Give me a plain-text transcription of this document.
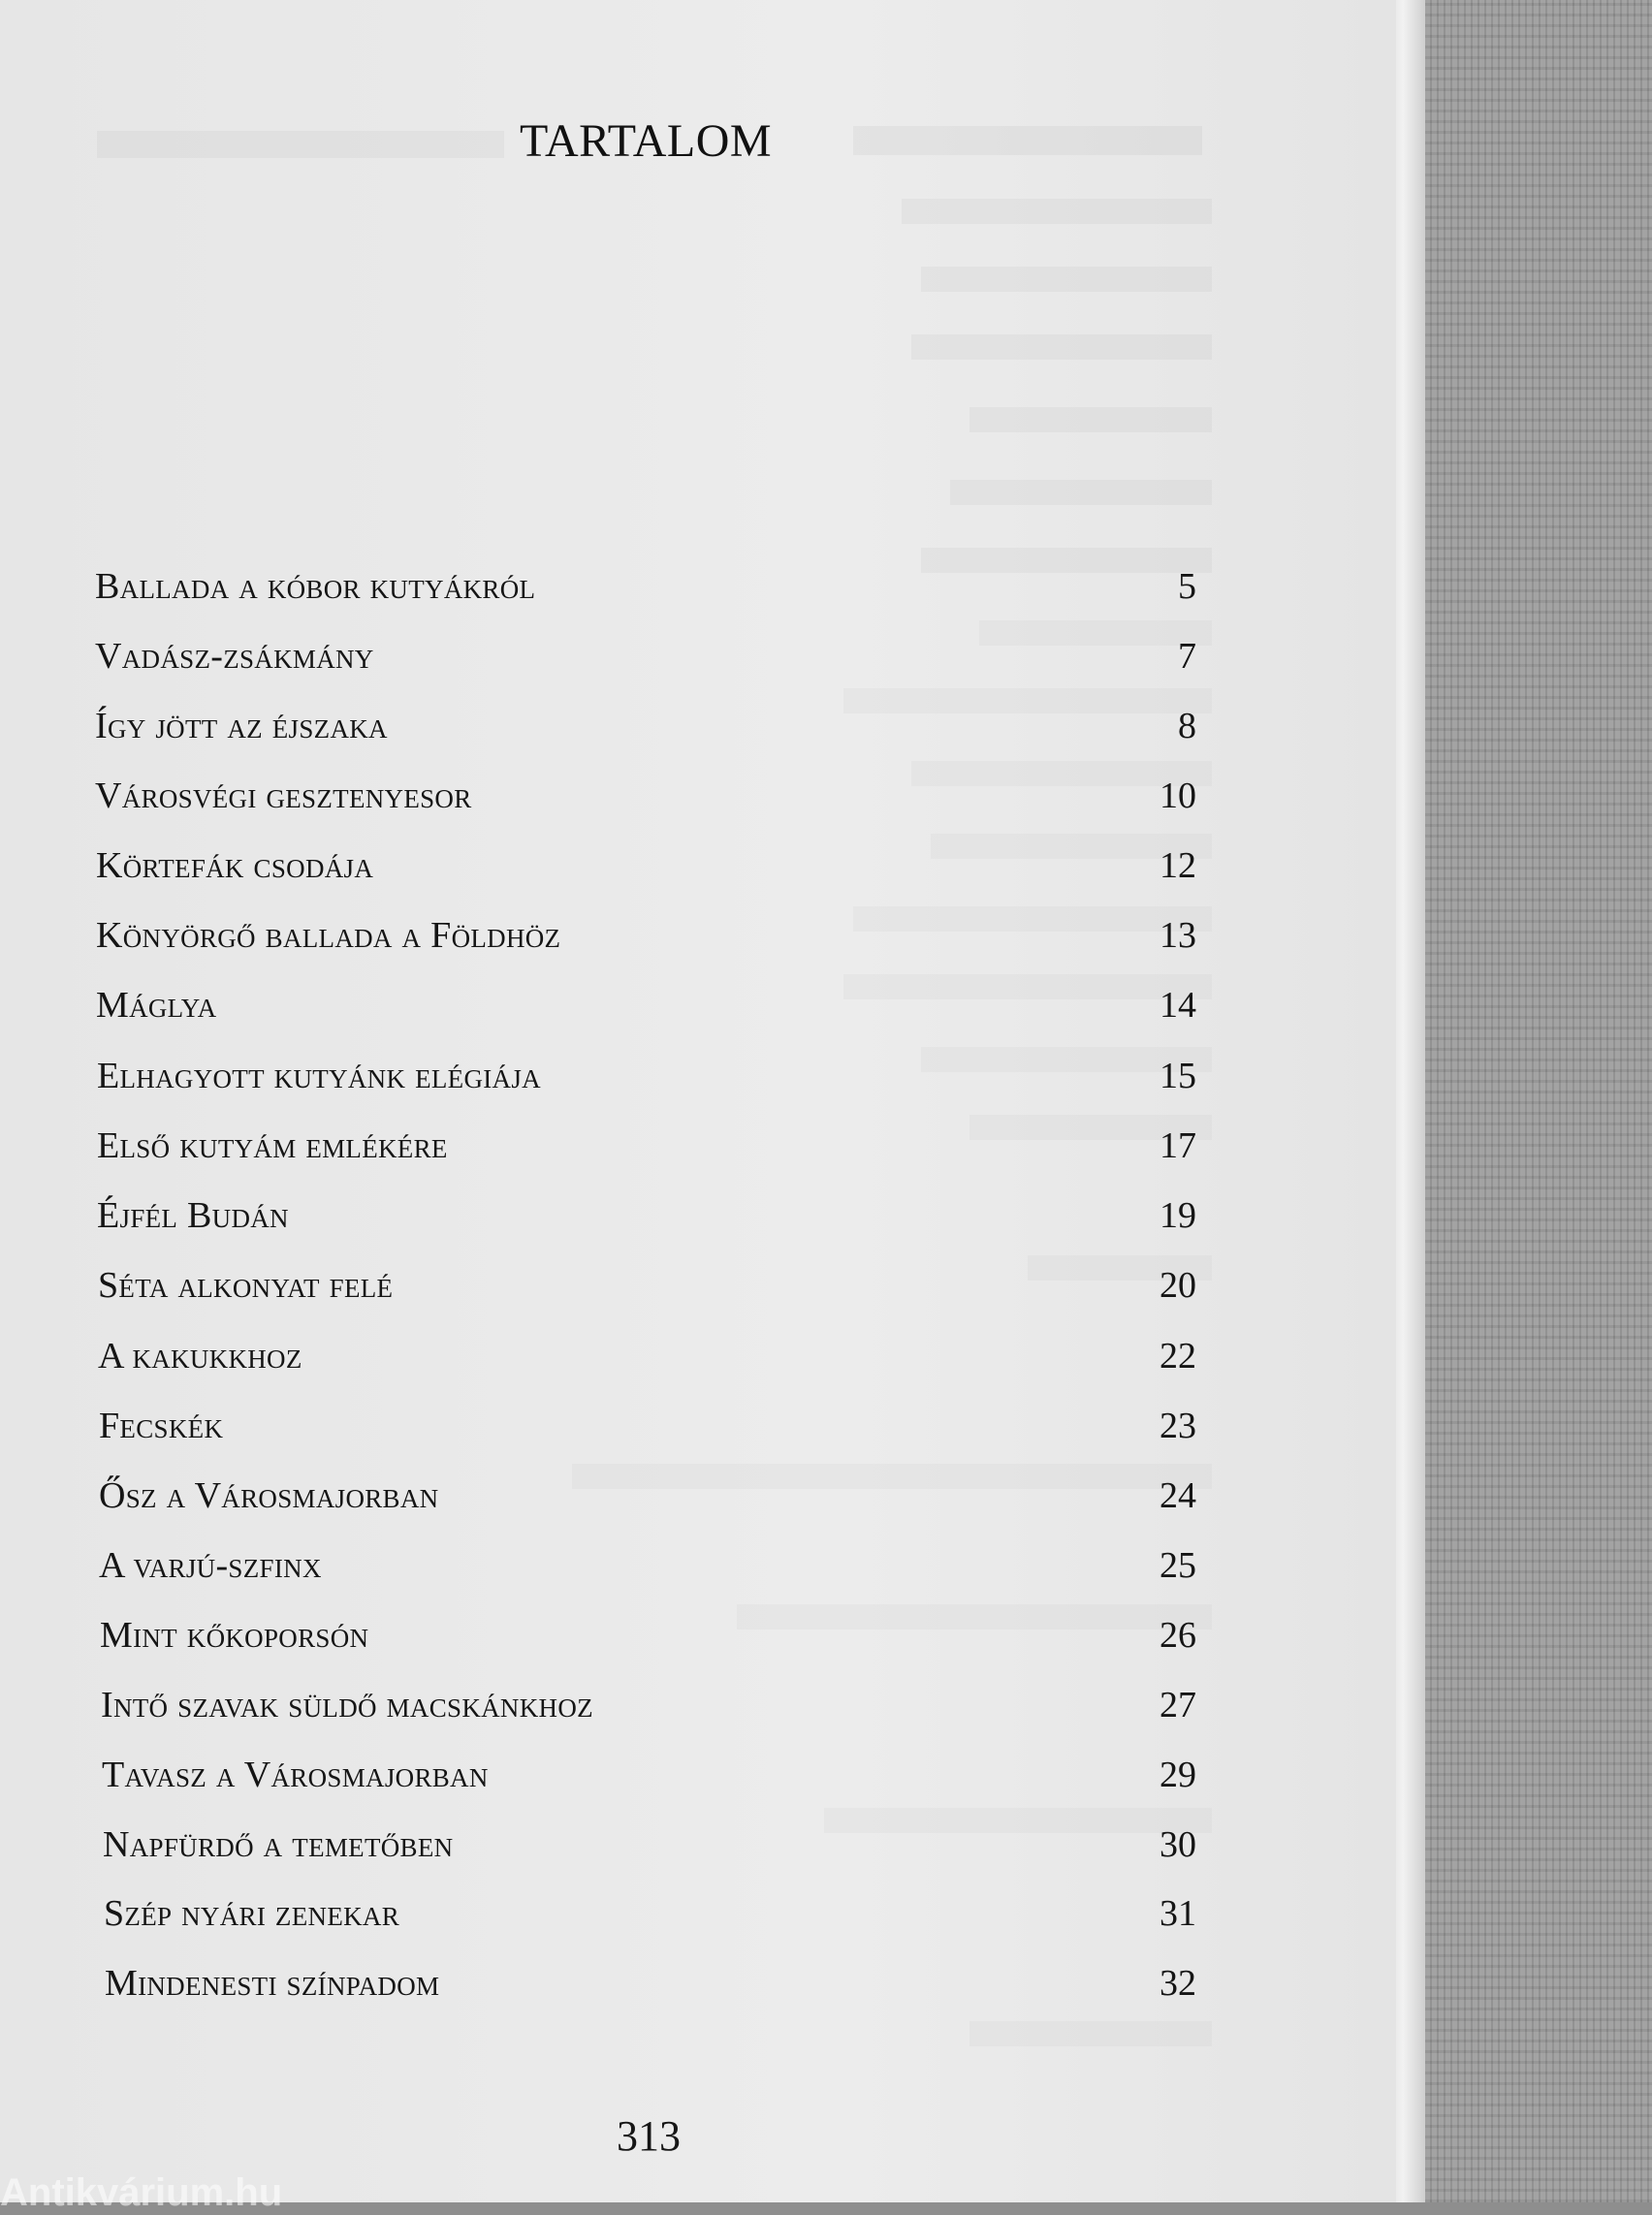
TARTALOM
Ballada a kóbor kutyákról	5
Vadász-zsákmány	7
Így jött az éjszaka	8
Városvégi gesztenyesor	10
Körtefák csodája	12
Könyörgő ballada a Földhöz	13
Máglya	14
Elhagyott kutyánk elégiája	15
Első kutyám emlékére	17
Éjfél Budán	19
Séta alkonyat felé	20
A kakukkhoz	22
Fecskék	23
Ősz a Városmajorban	24
A varjú-szfinx	25
Mint kőkoporsón	26
Intő szavak süldő macskánkhoz	27
Tavasz a Városmajorban	29
Napfürdő a temetőben	30
Szép nyári zenekar	31
Mindenesti színpadom	32
313
Antikvárium.hu
